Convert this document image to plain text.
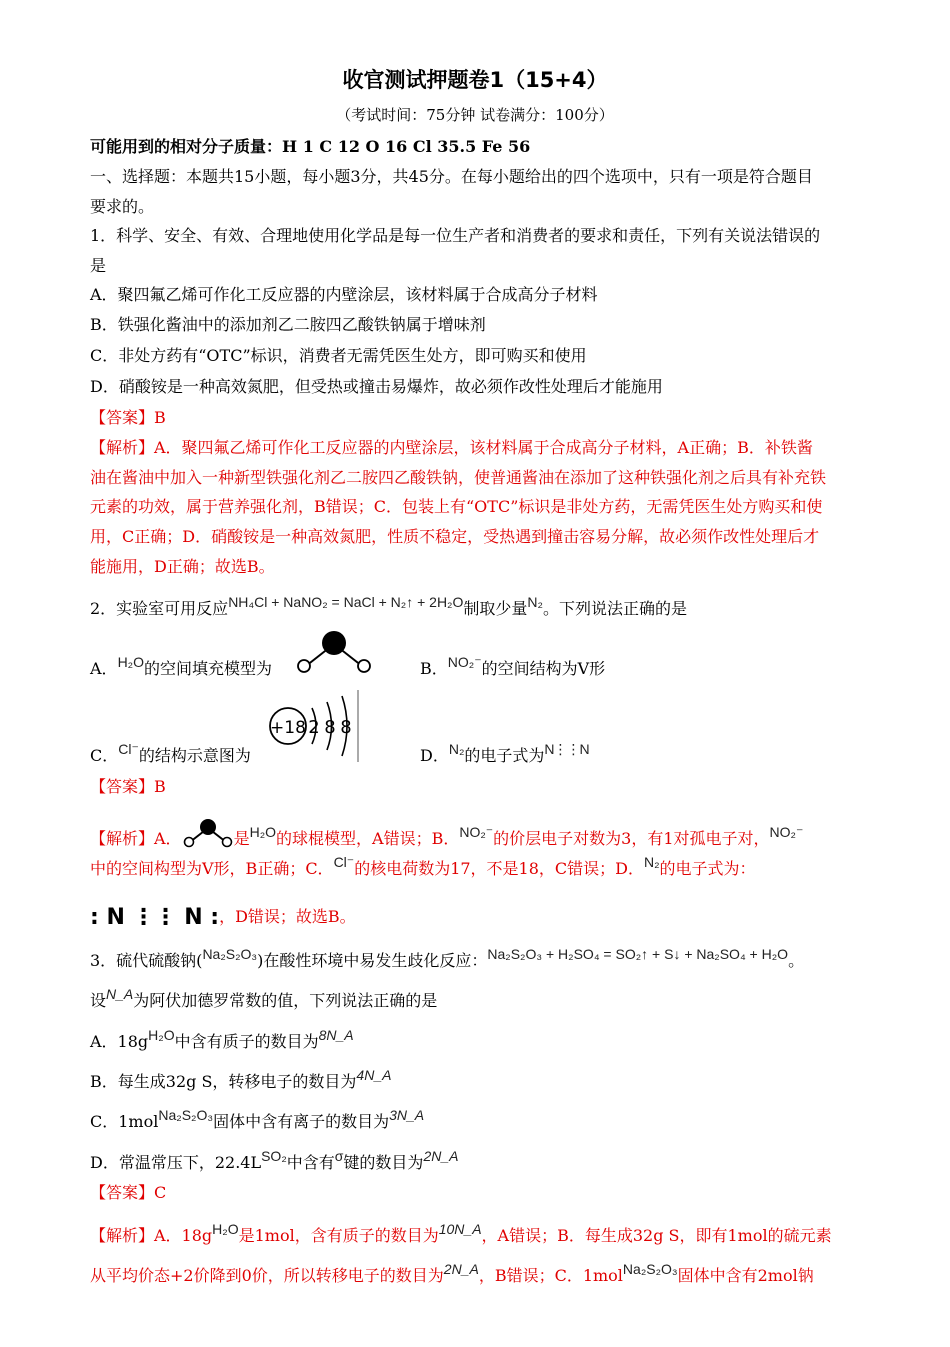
收官测试押题卷1（15+4）
（考试时间：75分钟 试卷满分：100分）
可能用到的相对分子质量：H 1 C 12 O 16 Cl 35.5 Fe 56
一、选择题：本题共15小题，每小题3分，共45分。在每小题给出的四个选项中，只有一项是符合题目
要求的。
1．科学、安全、有效、合理地使用化学品是每一位生产者和消费者的要求和责任，下列有关说法错误的
是
A．聚四氟乙烯可作化工反应器的内壁涂层，该材料属于合成高分子材料
B．铁强化酱油中的添加剂乙二胺四乙酸铁钠属于增味剂
C．非处方药有“OTC”标识，消费者无需凭医生处方，即可购买和使用
D．硝酸铵是一种高效氮肥，但受热或撞击易爆炸，故必须作改性处理后才能施用
【答案】B
【解析】A．聚四氟乙烯可作化工反应器的内壁涂层，该材料属于合成高分子材料，A正确；B．补铁酱
油在酱油中加入一种新型铁强化剂乙二胺四乙酸铁钠，使普通酱油在添加了这种铁强化剂之后具有补充铁
元素的功效，属于营养强化剂，B错误；C．包装上有“OTC”标识是非处方药，无需凭医生处方购买和使
用，C正确；D．硝酸铵是一种高效氮肥，性质不稳定，受热遇到撞击容易分解，故必须作改性处理后才
能施用，D正确；故选B。
2．实验室可用反应NH₄Cl + NaNO₂ = NaCl + N₂↑ + 2H₂O制取少量N₂。下列说法正确的是
A．H₂O的空间填充模型为	B．NO₂⁻的空间结构为V形
C．Cl⁻的结构示意图为
+18 2 8 8
D．N₂的电子式为N⋮⋮N
【答案】B
【解析】A．	是H₂O的球棍模型，A错误；B．NO₂⁻的价层电子对数为3，有1对孤电子对，NO₂⁻
中的空间构型为V形，B正确；C．Cl⁻的核电荷数为17，不是18，C错误；D．N₂的电子式为：
: N ⋮⋮ N :，D错误；故选B。
3．硫代硫酸钠(Na₂S₂O₃)在酸性环境中易发生歧化反应：Na₂S₂O₃ + H₂SO₄ = SO₂↑ + S↓ + Na₂SO₄ + H₂O。
设N_A为阿伏加德罗常数的值，下列说法正确的是
A．18gH₂O中含有质子的数目为8N_A
B．每生成32g S，转移电子的数目为4N_A
C．1molNa₂S₂O₃固体中含有离子的数目为3N_A
D．常温常压下，22.4LSO₂中含有σ键的数目为2N_A
【答案】C
【解析】A．18gH₂O是1mol，含有质子的数目为10N_A，A错误；B．每生成32g S，即有1mol的硫元素
从平均价态+2价降到0价，所以转移电子的数目为2N_A，B错误；C．1molNa₂S₂O₃固体中含有2mol钠
